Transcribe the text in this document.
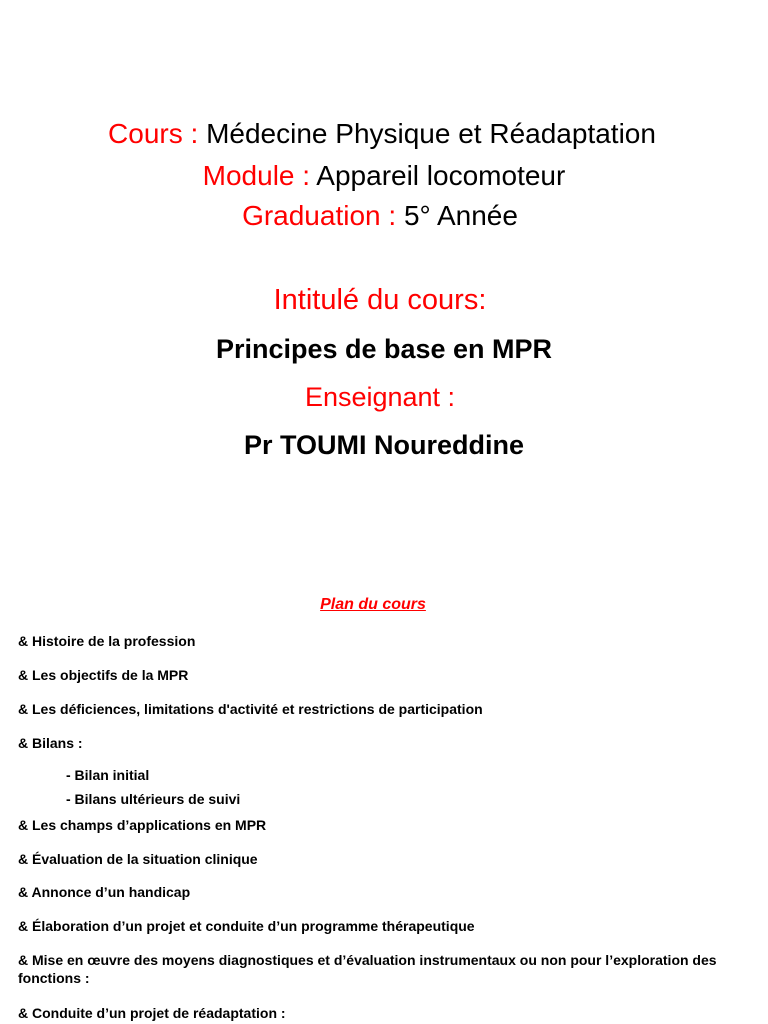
Cours : Médecine Physique et Réadaptation
Module : Appareil locomoteur
Graduation : 5° Année
Intitulé du cours:
Principes de base en MPR
Enseignant :
Pr TOUMI Noureddine
Plan du cours
& Histoire de la profession
& Les objectifs de la MPR
& Les déficiences, limitations d'activité et restrictions de participation
& Bilans :
- Bilan initial
- Bilans ultérieurs de suivi
& Les champs d’applications en MPR
& Évaluation de la situation clinique
& Annonce d’un handicap
& Élaboration d’un projet et conduite d’un programme thérapeutique
& Mise en œuvre des moyens diagnostiques et d’évaluation instrumentaux ou non pour l’exploration des fonctions :
& Conduite d’un projet de réadaptation :
